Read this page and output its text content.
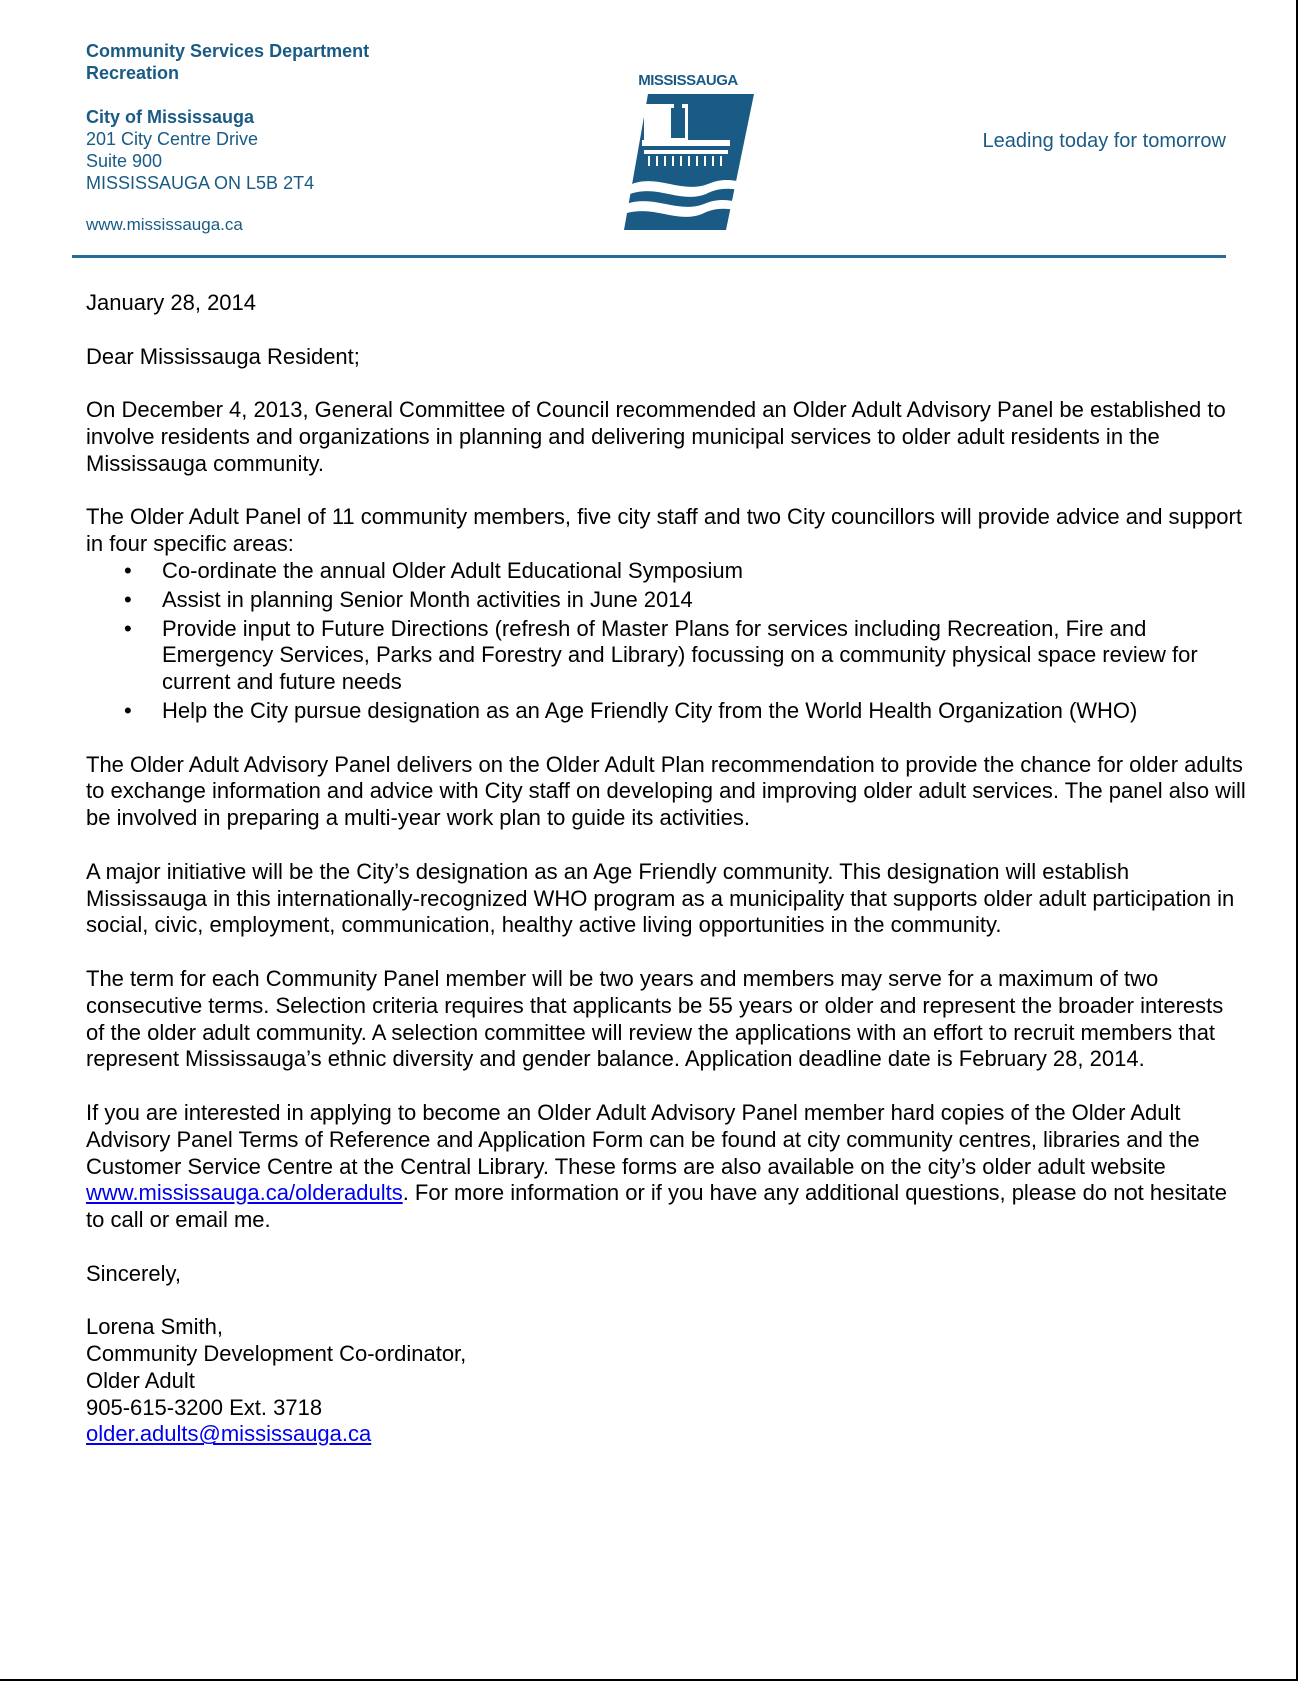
Community Services Department
Recreation
City of Mississauga
201 City Centre Drive
Suite 900
MISSISSAUGA ON L5B 2T4
www.mississauga.ca
MISSISSAUGA
Leading today for tomorrow

January 28, 2014

Dear Mississauga Resident;

On December 4, 2013, General Committee of Council recommended an Older Adult Advisory Panel be established to involve residents and organizations in planning and delivering municipal services to older adult residents in the Mississauga community.

The Older Adult Panel of 11 community members, five city staff and two City councillors will provide advice and support in four specific areas:

• Co-ordinate the annual Older Adult Educational Symposium
• Assist in planning Senior Month activities in June 2014
• Provide input to Future Directions (refresh of Master Plans for services including Recreation, Fire and Emergency Services, Parks and Forestry and Library) focussing on a community physical space review for current and future needs
• Help the City pursue designation as an Age Friendly City from the World Health Organization (WHO)

The Older Adult Advisory Panel delivers on the Older Adult Plan recommendation to provide the chance for older adults to exchange information and advice with City staff on developing and improving older adult services. The panel also will be involved in preparing a multi-year work plan to guide its activities.

A major initiative will be the City’s designation as an Age Friendly community. This designation will establish Mississauga in this internationally-recognized WHO program as a municipality that supports older adult participation in social, civic, employment, communication, healthy active living opportunities in the community.

The term for each Community Panel member will be two years and members may serve for a maximum of two consecutive terms. Selection criteria requires that applicants be 55 years or older and represent the broader interests of the older adult community. A selection committee will review the applications with an effort to recruit members that represent Mississauga’s ethnic diversity and gender balance. Application deadline date is February 28, 2014.

If you are interested in applying to become an Older Adult Advisory Panel member hard copies of the Older Adult Advisory Panel Terms of Reference and Application Form can be found at city community centres, libraries and the Customer Service Centre at the Central Library. These forms are also available on the city’s older adult website www.mississauga.ca/olderadults. For more information or if you have any additional questions, please do not hesitate to call or email me.

Sincerely,

Lorena Smith,

Community Development Co-ordinator,

Older Adult

905-615-3200 Ext. 3718

older.adults@mississauga.ca
